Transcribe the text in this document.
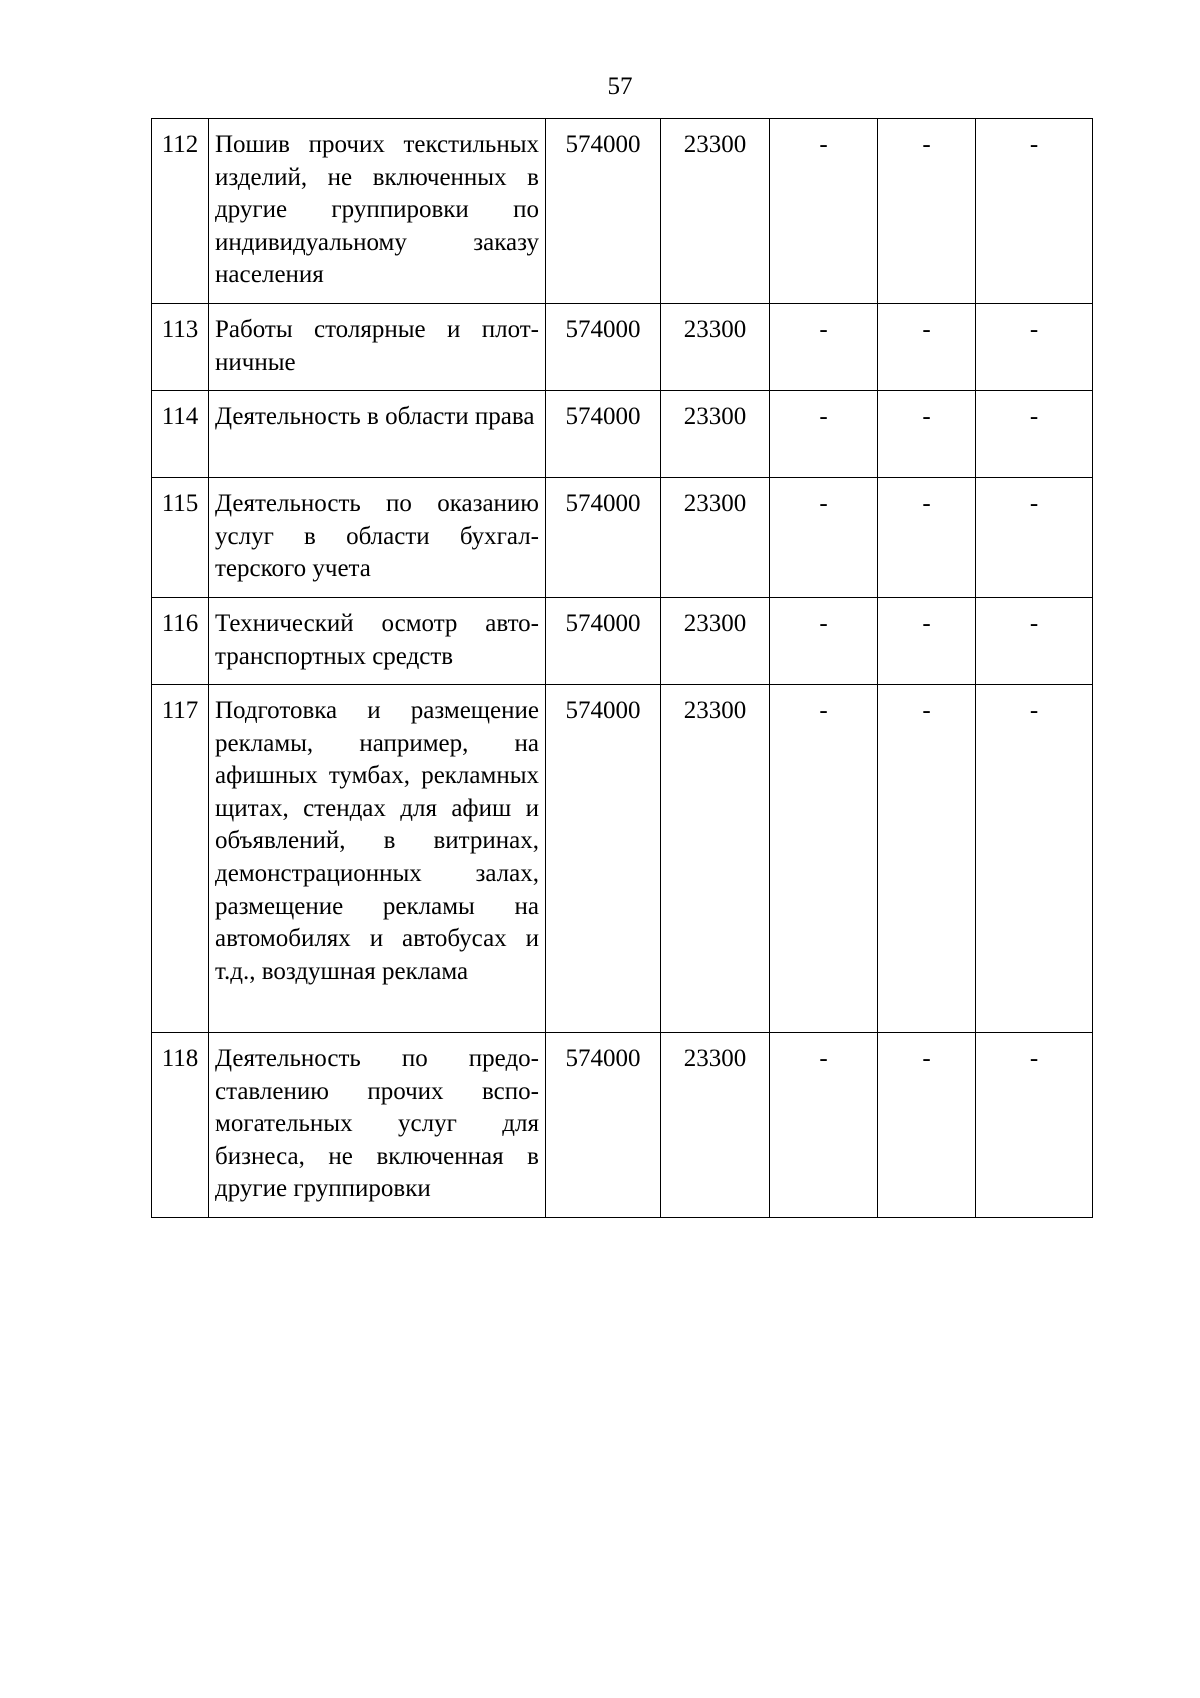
57
112	Пошив прочих текстильных изделий, не включенных в другие группировки по индивидуальному заказу населения	574000	23300	-	-	-
113	Работы столярные и плотничные	574000	23300	-	-	-
114	Деятельность в области права	574000	23300	-	-	-
115	Деятельность по оказанию услуг в области бухгалтерского учета	574000	23300	-	-	-
116	Технический осмотр автотранспортных средств	574000	23300	-	-	-
117	Подготовка и размещение рекламы, например, на афишных тумбах, рекламных щитах, стендах для афиш и объявлений, в витринах, демонстрационных залах, размещение рекламы на автомобилях и автобусах и т.д., воздушная реклама	574000	23300	-	-	-
118	Деятельность по предоставлению прочих вспомогательных услуг для бизнеса, не включенная в другие группировки	574000	23300	-	-	-
